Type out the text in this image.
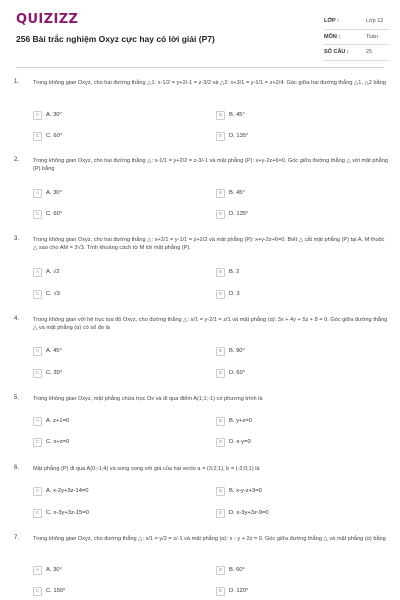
QUIZIZZ
256 Bài trắc nghiệm Oxyz cực hay có lời giải (P7)
LỚP :	Lớp 12
MÔN :	Toán
SỐ CÂU :	25
1. Trong không gian Oxyz, cho hai đường thẳng △1: x-1/2 = y+2/-1 = z-3/2 và △2: x+3/1 = y-1/1 = z+2/4. Góc giữa hai đường thẳng △1, △2 bằng
A	A. 30°	B	B. 45°
C	C. 60°	D	D. 135°
2. Trong không gian Oxyz, cho hai đường thẳng △: x-1/1 = y+2/2 = z-3/-1 và mặt phẳng (P): x+y-2z+6=0. Góc giữa đường thẳng △ với mặt phẳng (P) bằng
A	A. 30°	B	B. 45°
C	C. 60°	D	D. 135°
3. Trong không gian Oxyz, cho hai đường thẳng △: x+2/1 = y-1/1 = z+2/2 và mặt phẳng (P): x+y-2z+6=0. Biết △ cắt mặt phẳng (P) tại A, M thuộc △ sao cho AM = 2√3. Tính khoảng cách từ M tới mặt phẳng (P).
A	A. √2	B	B. 2
C	C. √3	D	D. 3
4. Trong không gian với hệ trục tọa độ Oxyz, cho đường thẳng △: x/1 = y-2/1 = z/1 và mặt phẳng (α): 3x + 4y + 5z + 8 = 0. Góc giữa đường thẳng △ và mặt phẳng (α) có số đo là
A	A. 45°	B	B. 90°
C	C. 30°	D	D. 60°
5. Trong không gian Oxyz, mặt phẳng chứa trục Ox và đi qua điểm A(1;1;-1) có phương trình là
A	A. z+1=0	B	B. y+z=0
C	C. x+z=0	D	D. x-y=0
6. Mặt phẳng (P) đi qua A(0;-1;4) và song song với giá của hai vecto a = (3;2;1), b = (-3;0;1) là
A	A. x-2y+3z-14=0	B	B. x-y-z+3=0
C	C. x-3y+3z-15=0	D	D. x-3y+3z-9=0
7. Trong không gian Oxyz, cho đường thẳng △: x/1 = y/2 = z/-1 và mặt phẳng (α): x - y + 2z = 0. Góc giữa đường thẳng △ và mặt phẳng (α) bằng
A	A. 30°	B	B. 60°
C	C. 150°	D	D. 120°
